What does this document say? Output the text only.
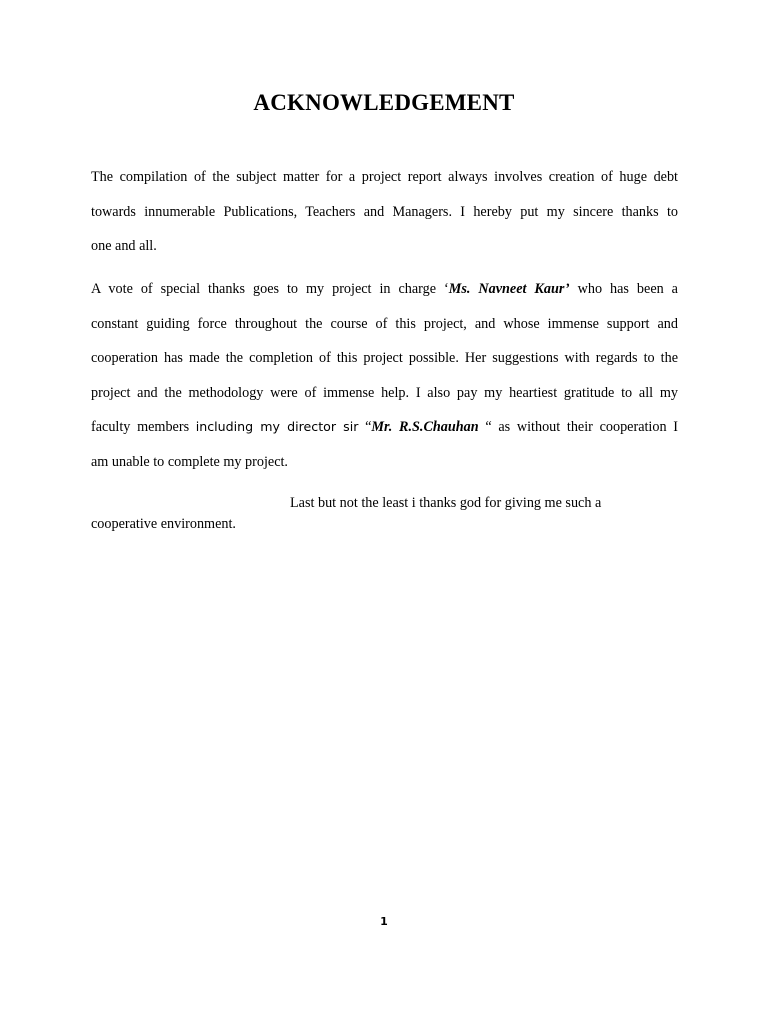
ACKNOWLEDGEMENT
The compilation of the subject matter for a project report always involves creation of huge debt
towards innumerable Publications, Teachers and Managers. I hereby put my sincere thanks to
one and all.
A vote of special thanks goes to my project in charge ‘Ms. Navneet Kaur’ who has been a
constant guiding force throughout the course of this project, and whose immense support and
cooperation has made the completion of this project possible. Her suggestions with regards to the
project and the methodology were of immense help. I also pay my heartiest gratitude to all my
faculty members including my director sir “Mr. R.S.Chauhan “ as without their cooperation I
am unable to complete my project.
Last but not the least i thanks god for giving me such a
cooperative environment.
1
